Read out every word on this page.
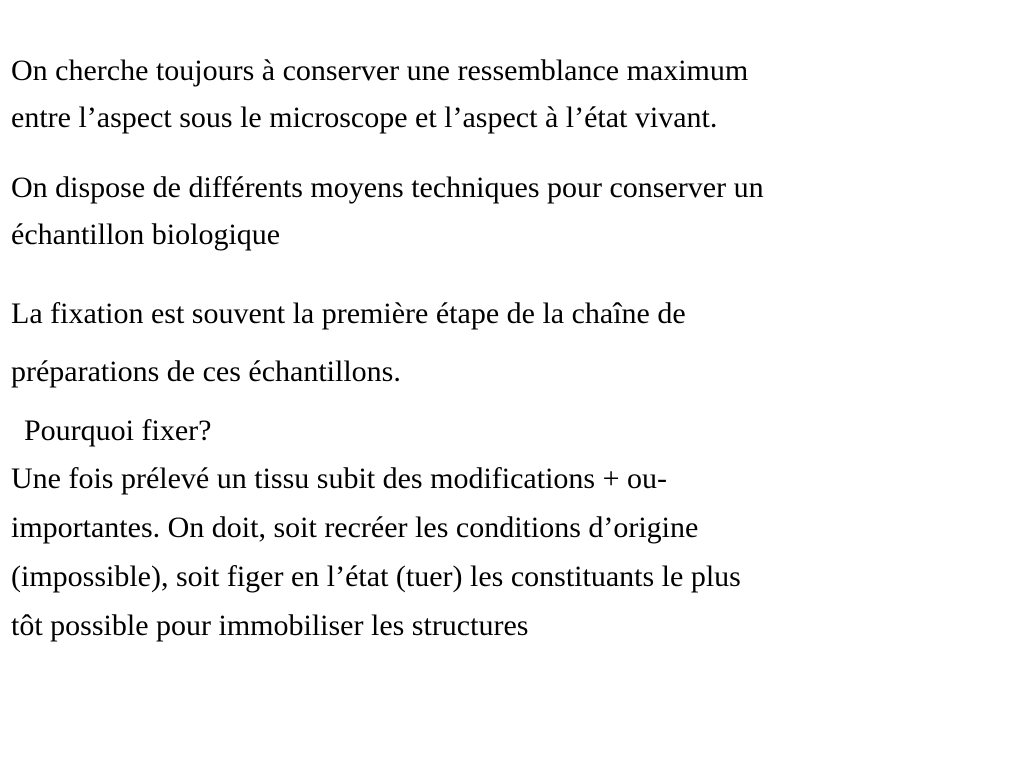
On cherche toujours à conserver une ressemblance maximum
entre l’aspect sous le microscope et l’aspect à l’état vivant.

On dispose de différents moyens techniques pour conserver un
échantillon biologique

La fixation est souvent la première étape de la chaîne de
préparations de ces échantillons.

Pourquoi fixer?

Une fois prélevé un tissu subit des modifications + ou-
importantes. On doit, soit recréer les conditions d’origine
(impossible), soit figer en l’état (tuer) les constituants le plus
tôt possible pour immobiliser les structures
